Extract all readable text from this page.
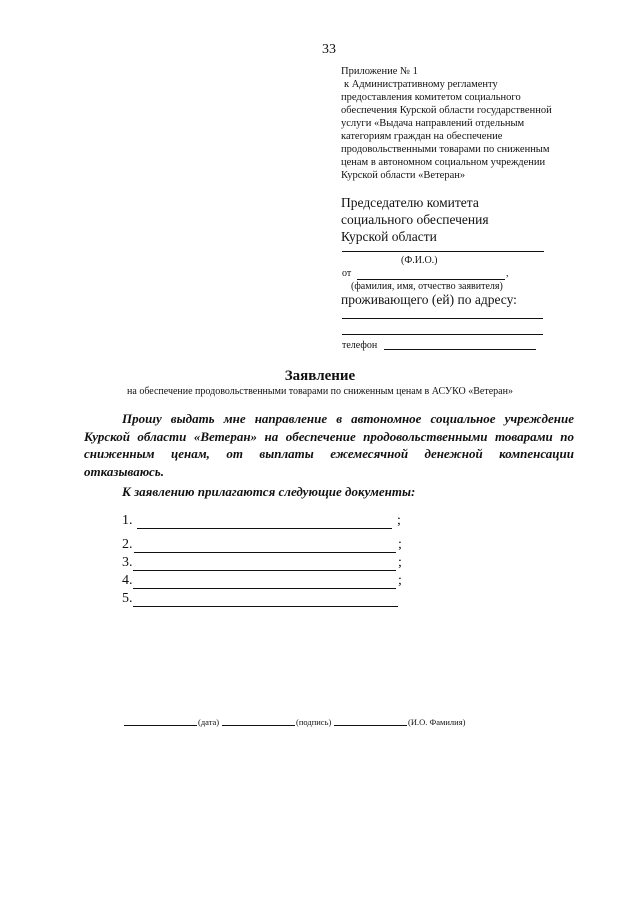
33
Приложение № 1
к Административному регламенту
предоставления комитетом социального
обеспечения Курской области государственной
услуги «Выдача направлений отдельным
категориям граждан на обеспечение
продовольственными товарами по сниженным
ценам в автономном социальном учреждении
Курской области «Ветеран»
Председателю комитета
социального обеспечения
Курской области
(Ф.И.О.)
от	,
(фамилия, имя, отчество заявителя)
проживающего (ей) по адресу:
телефон
Заявление
на обеспечение продовольственными товарами по сниженным ценам в АСУКО «Ветеран»
Прошу выдать мне направление в автономное социальное учреждение Курской области «Ветеран» на обеспечение продовольственными товарами по сниженным ценам, от выплаты ежемесячной денежной компенсации отказываюсь.
К заявлению прилагаются следующие документы:
1.	;
2.	;
3.	;
4.	;
5.
(дата)	(подпись)	(И.О. Фамилия)
